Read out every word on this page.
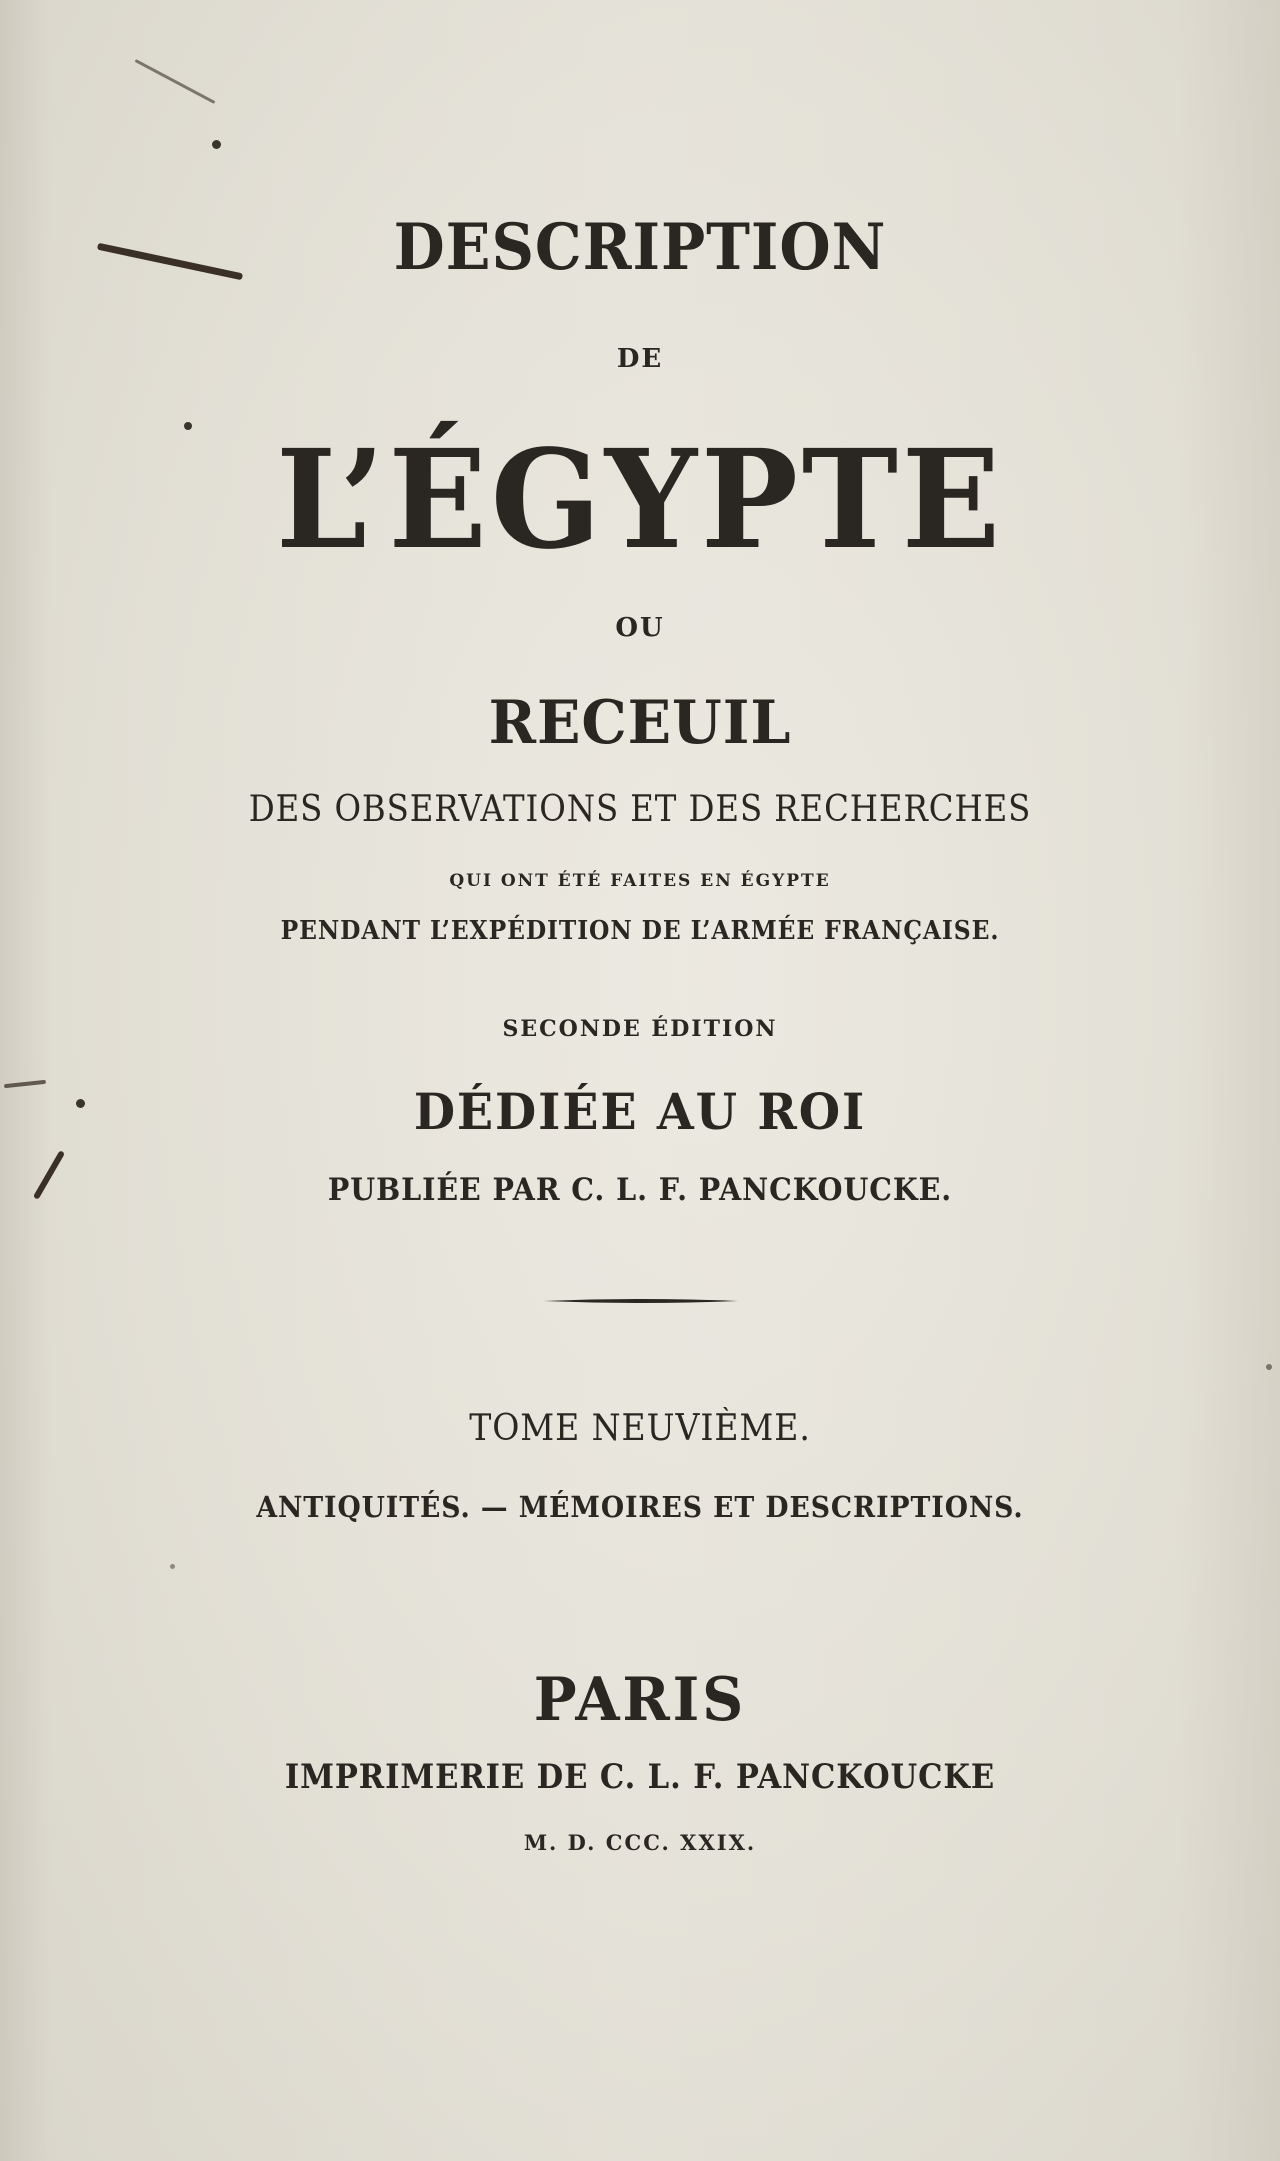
DESCRIPTION
DE
L’ÉGYPTE
OU
RECEUIL
DES OBSERVATIONS ET DES RECHERCHES
QUI ONT ÉTÉ FAITES EN ÉGYPTE
PENDANT L’EXPÉDITION DE L’ARMÉE FRANÇAISE.
SECONDE ÉDITION
DÉDIÉE AU ROI
PUBLIÉE PAR C. L. F. PANCKOUCKE.
TOME NEUVIÈME.
ANTIQUITÉS. — MÉMOIRES ET DESCRIPTIONS.
PARIS
IMPRIMERIE DE C. L. F. PANCKOUCKE
M. D. CCC. XXIX.
